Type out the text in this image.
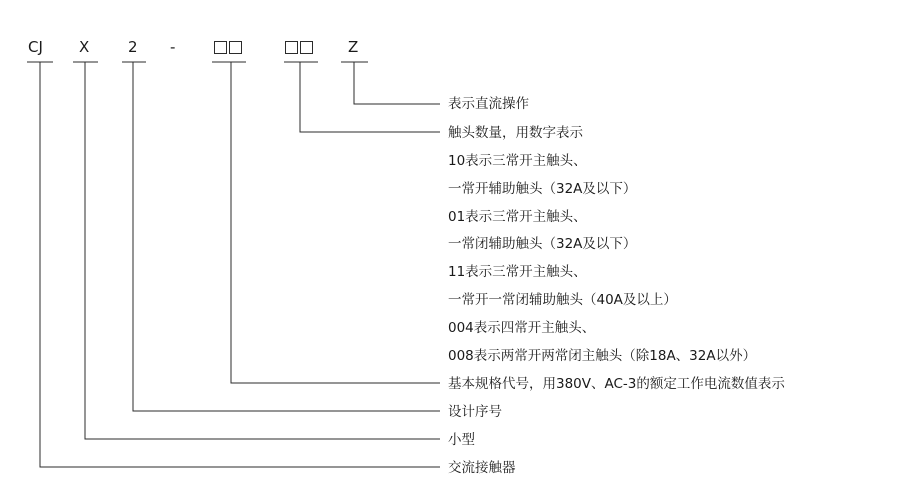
CJ X	2 -	Z
表示直流操作
触头数量，用数字表示
10表示三常开主触头、
一常开辅助触头（32A及以下）
01表示三常开主触头、
一常闭辅助触头（32A及以下）
11表示三常开主触头、
一常开一常闭辅助触头（40A及以上）
004表示四常开主触头、
008表示两常开两常闭主触头（除18A、32A以外）
基本规格代号，用380V、AC-3的额定工作电流数值表示
设计序号
小型
交流接触器
